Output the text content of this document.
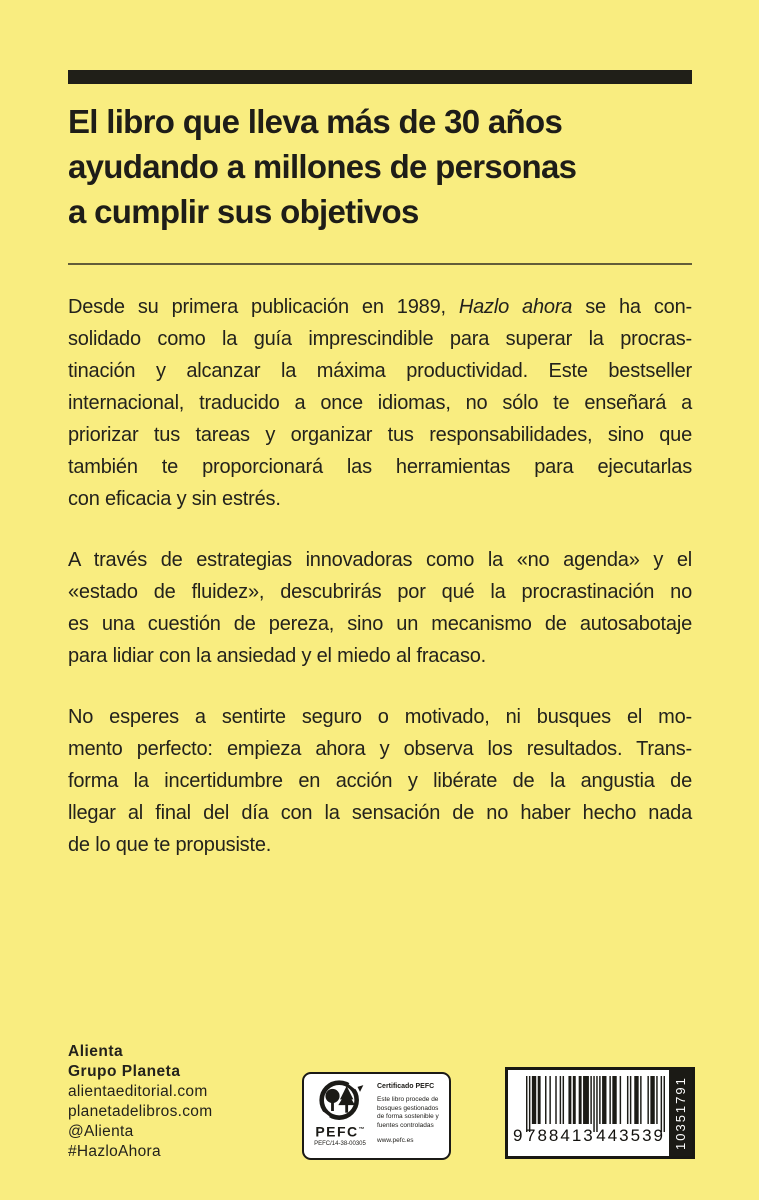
El libro que lleva más de 30 años
ayudando a millones de personas
a cumplir sus objetivos
Desde su primera publicación en 1989, Hazlo ahora se ha con-
solidado como la guía imprescindible para superar la procras-
tinación y alcanzar la máxima productividad. Este bestseller
internacional, traducido a once idiomas, no sólo te enseñará a
priorizar tus tareas y organizar tus responsabilidades, sino que
también te proporcionará las herramientas para ejecutarlas
con eficacia y sin estrés.
A través de estrategias innovadoras como la «no agenda» y el
«estado de fluidez», descubrirás por qué la procrastinación no
es una cuestión de pereza, sino un mecanismo de autosabotaje
para lidiar con la ansiedad y el miedo al fracaso.
No esperes a sentirte seguro o motivado, ni busques el mo-
mento perfecto: empieza ahora y observa los resultados. Trans-
forma la incertidumbre en acción y libérate de la angustia de
llegar al final del día con la sensación de no haber hecho nada
de lo que te propusiste.
Alienta
Grupo Planeta
alientaeditorial.com
planetadelibros.com
@Alienta
#HazloAhora
PEFC™
PEFC/14-38-00305
Certificado PEFC
Este libro procede de bosques gestionados de forma sostenible y fuentes controladas
www.pefc.es	9 788413 443539 10351791
